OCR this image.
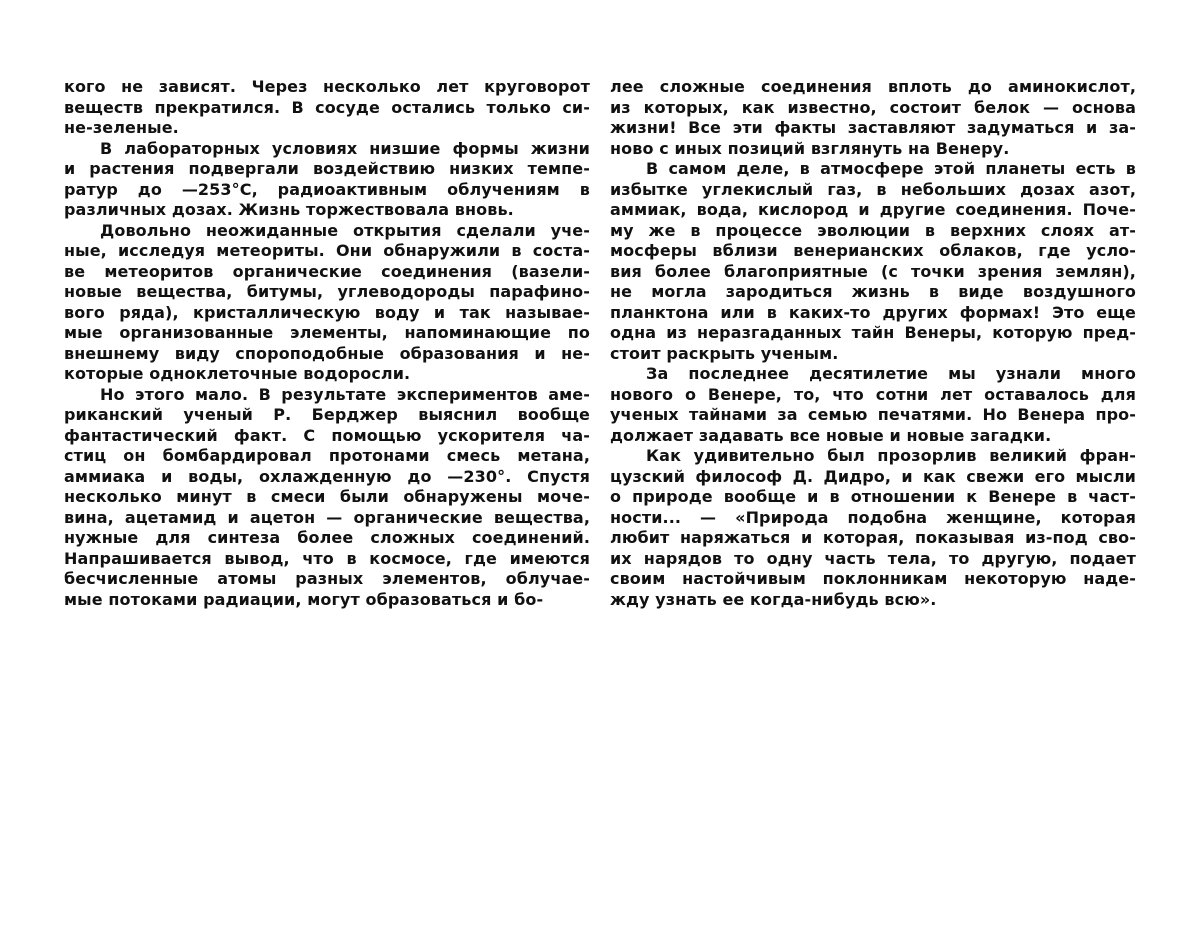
кого не зависят. Через несколько лет круговорот
веществ прекратился. В сосуде остались только си-
не-зеленые.
В лабораторных условиях низшие формы жизни
и растения подвергали воздействию низких темпе-
ратур до —253°С, радиоактивным облучениям в
различных дозах. Жизнь торжествовала вновь.
Довольно неожиданные открытия сделали уче-
ные, исследуя метеориты. Они обнаружили в соста-
ве метеоритов органические соединения (вазели-
новые вещества, битумы, углеводороды парафино-
вого ряда), кристаллическую воду и так называе-
мые организованные элементы, напоминающие по
внешнему виду спороподобные образования и не-
которые одноклеточные водоросли.
Но этого мало. В результате экспериментов аме-
риканский ученый Р. Берджер выяснил вообще
фантастический факт. С помощью ускорителя ча-
стиц он бомбардировал протонами смесь метана,
аммиака и воды, охлажденную до —230°. Спустя
несколько минут в смеси были обнаружены моче-
вина, ацетамид и ацетон — органические вещества,
нужные для синтеза более сложных соединений.
Напрашивается вывод, что в космосе, где имеются
бесчисленные атомы разных элементов, облучае-
мые потоками радиации, могут образоваться и бо-
лее сложные соединения вплоть до аминокислот,
из которых, как известно, состоит белок — основа
жизни! Все эти факты заставляют задуматься и за-
ново с иных позиций взглянуть на Венеру.
В самом деле, в атмосфере этой планеты есть в
избытке углекислый газ, в небольших дозах азот,
аммиак, вода, кислород и другие соединения. Поче-
му же в процессе эволюции в верхних слоях ат-
мосферы вблизи венерианских облаков, где усло-
вия более благоприятные (с точки зрения землян),
не могла зародиться жизнь в виде воздушного
планктона или в каких-то других формах! Это еще
одна из неразгаданных тайн Венеры, которую пред-
стоит раскрыть ученым.
За последнее десятилетие мы узнали много
нового о Венере, то, что сотни лет оставалось для
ученых тайнами за семью печатями. Но Венера про-
должает задавать все новые и новые загадки.
Как удивительно был прозорлив великий фран-
цузский философ Д. Дидро, и как свежи его мысли
о природе вообще и в отношении к Венере в част-
ности... — «Природа подобна женщине, которая
любит наряжаться и которая, показывая из-под сво-
их нарядов то одну часть тела, то другую, подает
своим настойчивым поклонникам некоторую наде-
жду узнать ее когда-нибудь всю».
